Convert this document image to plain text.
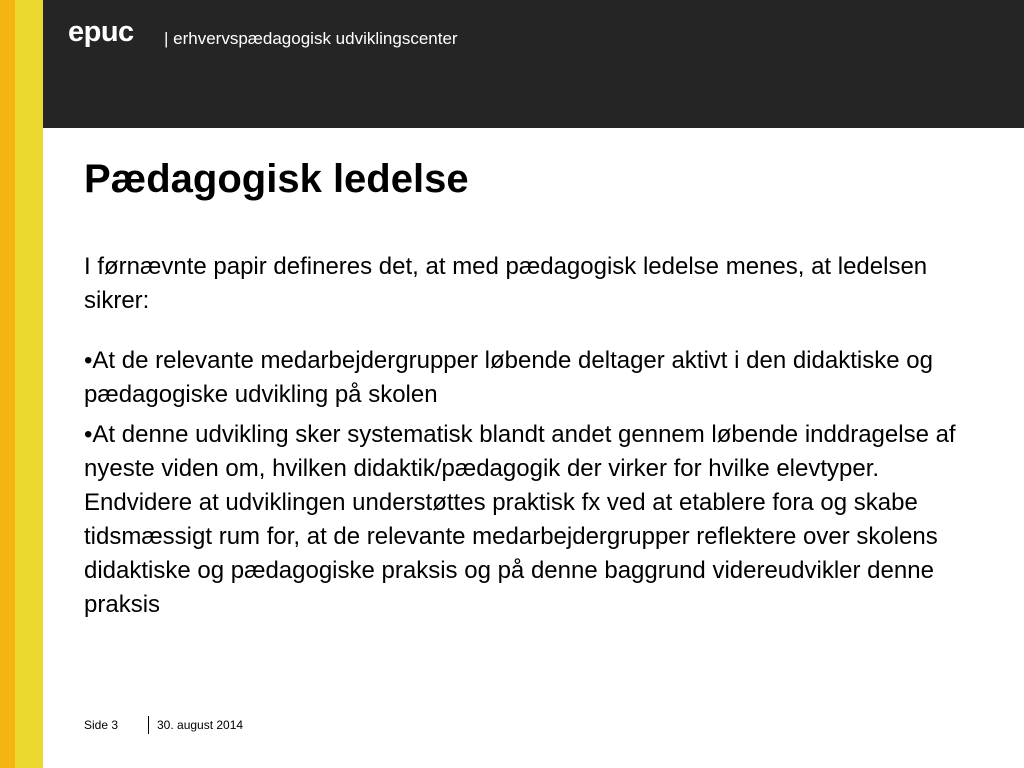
epuc | erhvervspædagogisk udviklingscenter
Pædagogisk ledelse

I førnævnte papir defineres det, at med pædagogisk ledelse menes, at ledelsen sikrer:

•At de relevante medarbejdergrupper løbende deltager aktivt i den didaktiske og pædagogiske udvikling på skolen

•At denne udvikling sker systematisk blandt andet gennem løbende inddragelse af nyeste viden om, hvilken didaktik/pædagogik der virker for hvilke elevtyper. Endvidere at udviklingen understøttes praktisk fx ved at etablere fora og skabe tidsmæssigt rum for, at de relevante medarbejdergrupper reflektere over skolens didaktiske og pædagogiske praksis og på denne baggrund videreudvikler denne praksis

Side 3	30. august 2014
